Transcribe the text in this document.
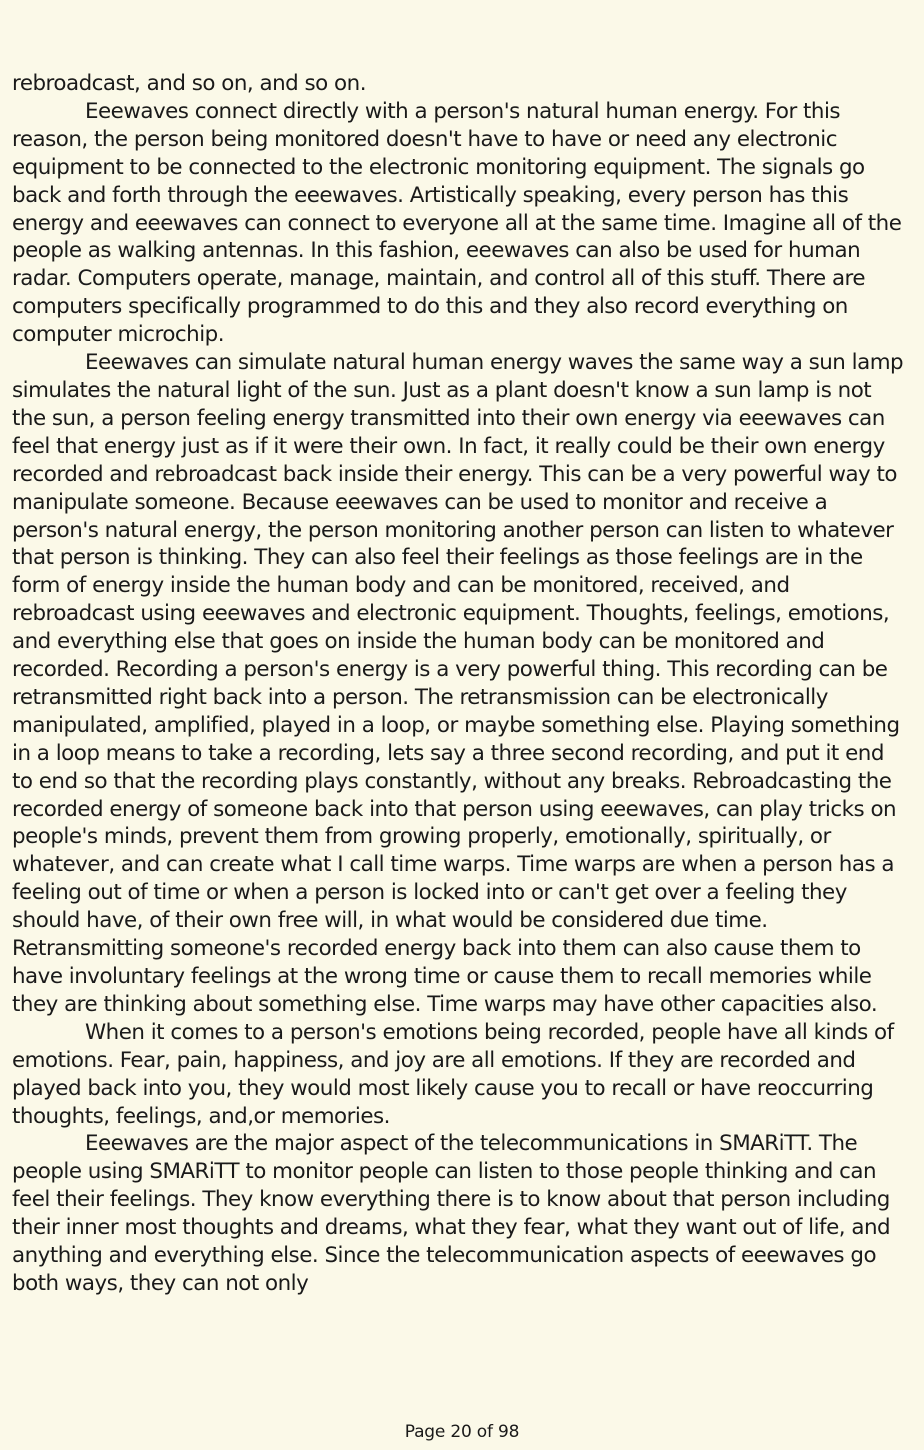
rebroadcast, and so on, and so on.

Eeewaves connect directly with a person's natural human energy. For this reason, the person being monitored doesn't have to have or need any electronic equipment to be connected to the electronic monitoring equipment. The signals go back and forth through the eeewaves. Artistically speaking, every person has this energy and eeewaves can connect to everyone all at the same time. Imagine all of the people as walking antennas. In this fashion, eeewaves can also be used for human radar. Computers operate, manage, maintain, and control all of this stuff. There are computers specifically programmed to do this and they also record everything on computer microchip.

Eeewaves can simulate natural human energy waves the same way a sun lamp simulates the natural light of the sun. Just as a plant doesn't know a sun lamp is not the sun, a person feeling energy transmitted into their own energy via eeewaves can feel that energy just as if it were their own. In fact, it really could be their own energy recorded and rebroadcast back inside their energy. This can be a very powerful way to manipulate someone. Because eeewaves can be used to monitor and receive a person's natural energy, the person monitoring another person can listen to whatever that person is thinking. They can also feel their feelings as those feelings are in the form of energy inside the human body and can be monitored, received, and rebroadcast using eeewaves and electronic equipment. Thoughts, feelings, emotions, and everything else that goes on inside the human body can be monitored and recorded. Recording a person's energy is a very powerful thing. This recording can be retransmitted right back into a person. The retransmission can be electronically manipulated, amplified, played in a loop, or maybe something else. Playing something in a loop means to take a recording, lets say a three second recording, and put it end to end so that the recording plays constantly, without any breaks. Rebroadcasting the recorded energy of someone back into that person using eeewaves, can play tricks on people's minds, prevent them from growing properly, emotionally, spiritually, or whatever, and can create what I call time warps. Time warps are when a person has a feeling out of time or when a person is locked into or can't get over a feeling they should have, of their own free will, in what would be considered due time. Retransmitting someone's recorded energy back into them can also cause them to have involuntary feelings at the wrong time or cause them to recall memories while they are thinking about something else. Time warps may have other capacities also.

When it comes to a person's emotions being recorded, people have all kinds of emotions. Fear, pain, happiness, and joy are all emotions. If they are recorded and played back into you, they would most likely cause you to recall or have reoccurring thoughts, feelings, and,or memories.

Eeewaves are the major aspect of the telecommunications in SMARiTT. The people using SMARiTT to monitor people can listen to those people thinking and can feel their feelings. They know everything there is to know about that person including their inner most thoughts and dreams, what they fear, what they want out of life, and anything and everything else. Since the telecommunication aspects of eeewaves go both ways, they can not only

Page 20 of 98
